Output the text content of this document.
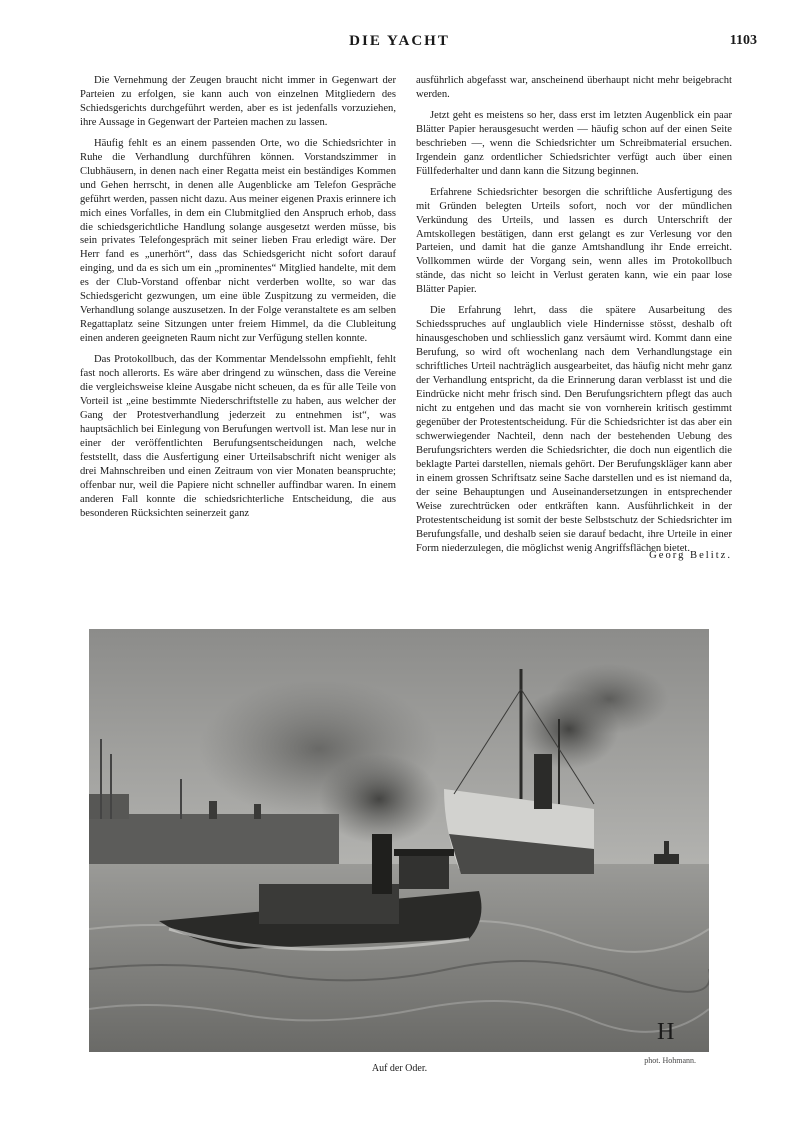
DIE YACHT	1103

Die Vernehmung der Zeugen braucht nicht immer in Gegenwart der Parteien zu erfolgen, sie kann auch von einzelnen Mitgliedern des Schiedsgerichts durchgeführt werden, aber es ist jedenfalls vorzuziehen, ihre Aussage in Gegenwart der Parteien machen zu lassen.

Häufig fehlt es an einem passenden Orte, wo die Schiedsrichter in Ruhe die Verhandlung durchführen können. Vorstandszimmer in Clubhäusern, in denen nach einer Regatta meist ein beständiges Kommen und Gehen herrscht, in denen alle Augenblicke am Telefon Gespräche geführt werden, passen nicht dazu. Aus meiner eigenen Praxis erinnere ich mich eines Vorfalles, in dem ein Clubmitglied den Anspruch erhob, dass die schiedsgerichtliche Handlung solange ausgesetzt werden müsse, bis sein privates Telefongespräch mit seiner lieben Frau erledigt wäre. Der Herr fand es „unerhört“, dass das Schiedsgericht nicht sofort darauf einging, und da es sich um ein „prominentes“ Mitglied handelte, mit dem es der Club-Vorstand offenbar nicht verderben wollte, so war das Schiedsgericht gezwungen, um eine üble Zuspitzung zu vermeiden, die Verhandlung solange auszusetzen. In der Folge veranstaltete es am selben Regattaplatz seine Sitzungen unter freiem Himmel, da die Clubleitung einen anderen geeigneten Raum nicht zur Verfügung stellen konnte.

Das Protokollbuch, das der Kommentar Mendelssohn empfiehlt, fehlt fast noch allerorts. Es wäre aber dringend zu wünschen, dass die Vereine die vergleichsweise kleine Ausgabe nicht scheuen, da es für alle Teile von Vorteil ist „eine bestimmte Niederschriftstelle zu haben, aus welcher der Gang der Protestverhandlung jederzeit zu entnehmen ist“, was hauptsächlich bei Einlegung von Berufungen wertvoll ist. Man lese nur in einer der veröffentlichten Berufungsentscheidungen nach, welche feststellt, dass die Ausfertigung einer Urteilsabschrift nicht weniger als drei Mahnschreiben und einen Zeitraum von vier Monaten beanspruchte; offenbar nur, weil die Papiere nicht schneller auffindbar waren. In einem anderen Fall konnte die schiedsrichterliche Entscheidung, die aus besonderen Rücksichten seinerzeit ganz

ausführlich abgefasst war, anscheinend überhaupt nicht mehr beigebracht werden.

Jetzt geht es meistens so her, dass erst im letzten Augenblick ein paar Blätter Papier herausgesucht werden — häufig schon auf der einen Seite beschrieben —, wenn die Schiedsrichter um Schreibmaterial ersuchen. Irgendein ganz ordentlicher Schiedsrichter verfügt auch über einen Füllfederhalter und dann kann die Sitzung beginnen.

Erfahrene Schiedsrichter besorgen die schriftliche Ausfertigung des mit Gründen belegten Urteils sofort, noch vor der mündlichen Verkündung des Urteils, und lassen es durch Unterschrift der Amtskollegen bestätigen, dann erst gelangt es zur Verlesung vor den Parteien, und damit hat die ganze Amtshandlung ihr Ende erreicht. Vollkommen würde der Vorgang sein, wenn alles im Protokollbuch stände, das nicht so leicht in Verlust geraten kann, wie ein paar lose Blätter Papier.

Die Erfahrung lehrt, dass die spätere Ausarbeitung des Schiedsspruches auf unglaublich viele Hindernisse stösst, deshalb oft hinausgeschoben und schliesslich ganz versäumt wird. Kommt dann eine Berufung, so wird oft wochenlang nach dem Verhandlungstage ein schriftliches Urteil nachträglich ausgearbeitet, das häufig nicht mehr ganz der Verhandlung entspricht, da die Erinnerung daran verblasst ist und die Eindrücke nicht mehr frisch sind. Den Berufungsrichtern pflegt das auch nicht zu entgehen und das macht sie von vornherein kritisch gestimmt gegenüber der Protestentscheidung. Für die Schiedsrichter ist das aber ein schwerwiegender Nachteil, denn nach der bestehenden Uebung des Berufungsrichters werden die Schiedsrichter, die doch nun eigentlich die beklagte Partei darstellen, niemals gehört. Der Berufungskläger kann aber in einem grossen Schriftsatz seine Sache darstellen und es ist niemand da, der seine Behauptungen und Auseinandersetzungen in entsprechender Weise zurechtrücken oder entkräften kann. Ausführlichkeit in der Protestentscheidung ist somit der beste Selbstschutz der Schiedsrichter im Berufungsfalle, und deshalb seien sie darauf bedacht, ihre Urteile in einer Form niederzulegen, die möglichst wenig Angriffsflächen bietet.

Georg Belitz.
H
phot. Hohmann.
Auf der Oder.
